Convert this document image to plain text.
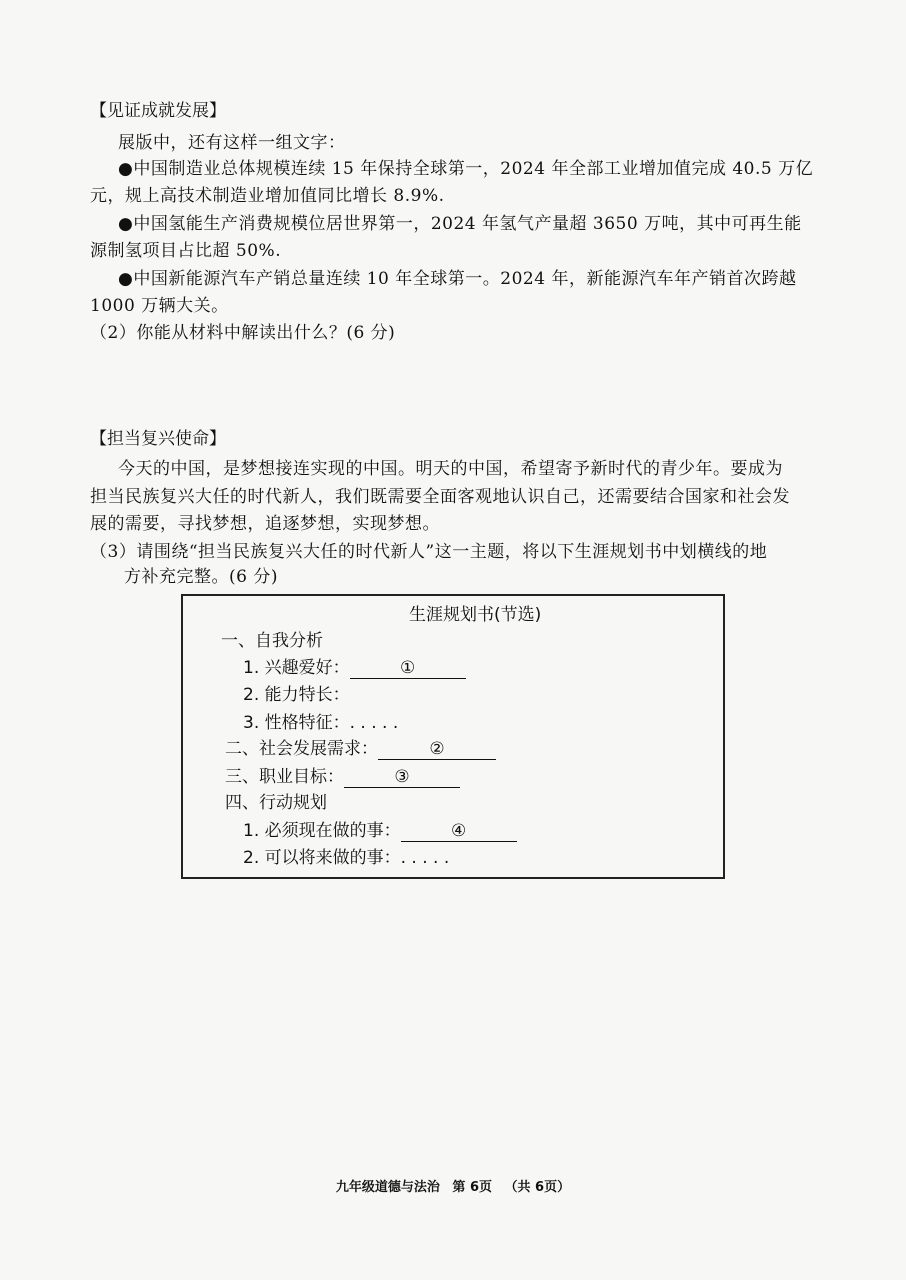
【见证成就发展】
展版中，还有这样一组文字：
●中国制造业总体规模连续 15 年保持全球第一，2024 年全部工业增加值完成 40.5 万亿
元，规上高技术制造业增加值同比增长 8.9%.
●中国氢能生产消费规模位居世界第一，2024 年氢气产量超 3650 万吨，其中可再生能
源制氢项目占比超 50%.
●中国新能源汽车产销总量连续 10 年全球第一。2024 年，新能源汽车年产销首次跨越
1000 万辆大关。
（2）你能从材料中解读出什么？(6 分)
【担当复兴使命】
今天的中国，是梦想接连实现的中国。明天的中国，希望寄予新时代的青少年。要成为
担当民族复兴大任的时代新人，我们既需要全面客观地认识自己，还需要结合国家和社会发
展的需要，寻找梦想，追逐梦想，实现梦想。
（3）请围绕“担当民族复兴大任的时代新人”这一主题，将以下生涯规划书中划横线的地
方补充完整。(6 分)
生涯规划书(节选)
一、自我分析
1. 兴趣爱好：	①
2. 能力特长：
3. 性格特征：. . . . .
二、社会发展需求：	②
三、职业目标：	③
四、行动规划
1. 必须现在做的事：	④
2. 可以将来做的事：. . . . .
九年级道德与法治 第 6页 （共 6页）
